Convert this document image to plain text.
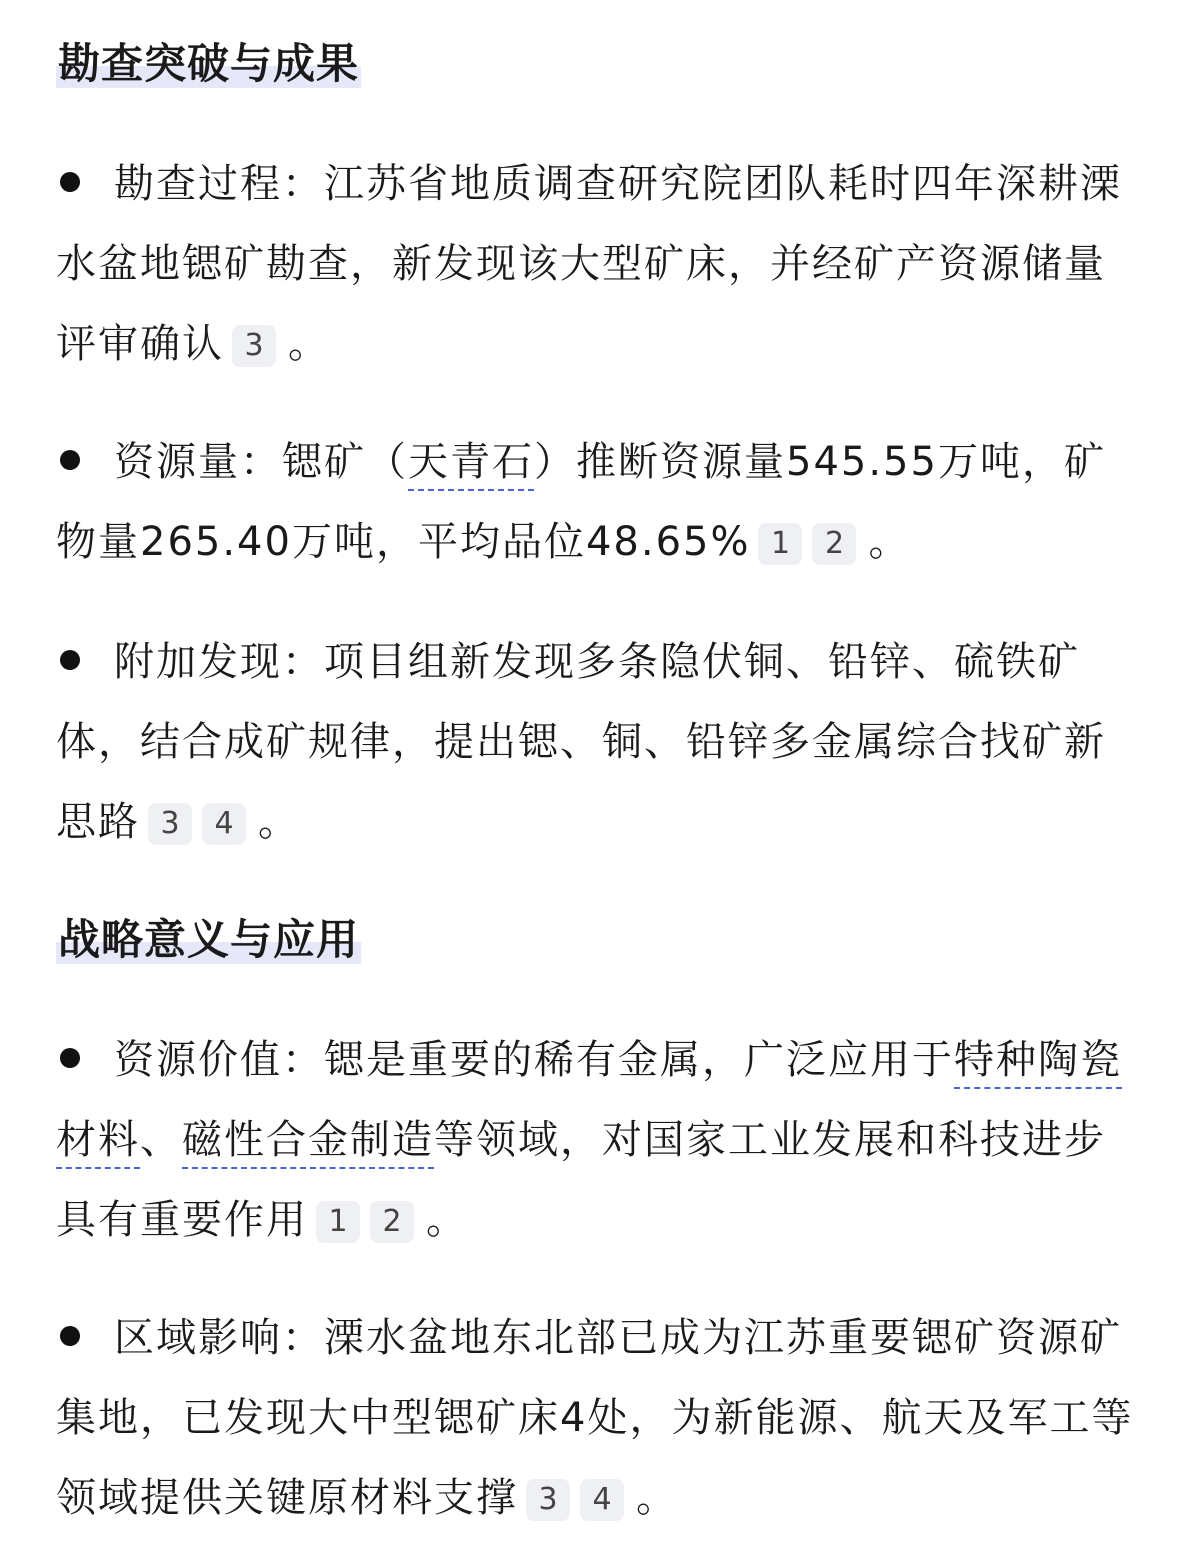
勘查突破与成果
勘查过程：江苏省地质调查研究院团队耗时四年深耕溧水盆地锶矿勘查，新发现该大型矿床，并经矿产资源储量评审确认 3 。
资源量：锶矿（天青石）推断资源量545.55万吨，矿物量265.40万吨，平均品位48.65% 1 2 。
附加发现：项目组新发现多条隐伏铜、铅锌、硫铁矿体，结合成矿规律，提出锶、铜、铅锌多金属综合找矿新思路 3 4 。
战略意义与应用
资源价值：锶是重要的稀有金属，广泛应用于特种陶瓷材料、磁性合金制造等领域，对国家工业发展和科技进步具有重要作用 1 2 。
区域影响：溧水盆地东北部已成为江苏重要锶矿资源矿集地，已发现大中型锶矿床4处，为新能源、航天及军工等领域提供关键原材料支撑 3 4 。
